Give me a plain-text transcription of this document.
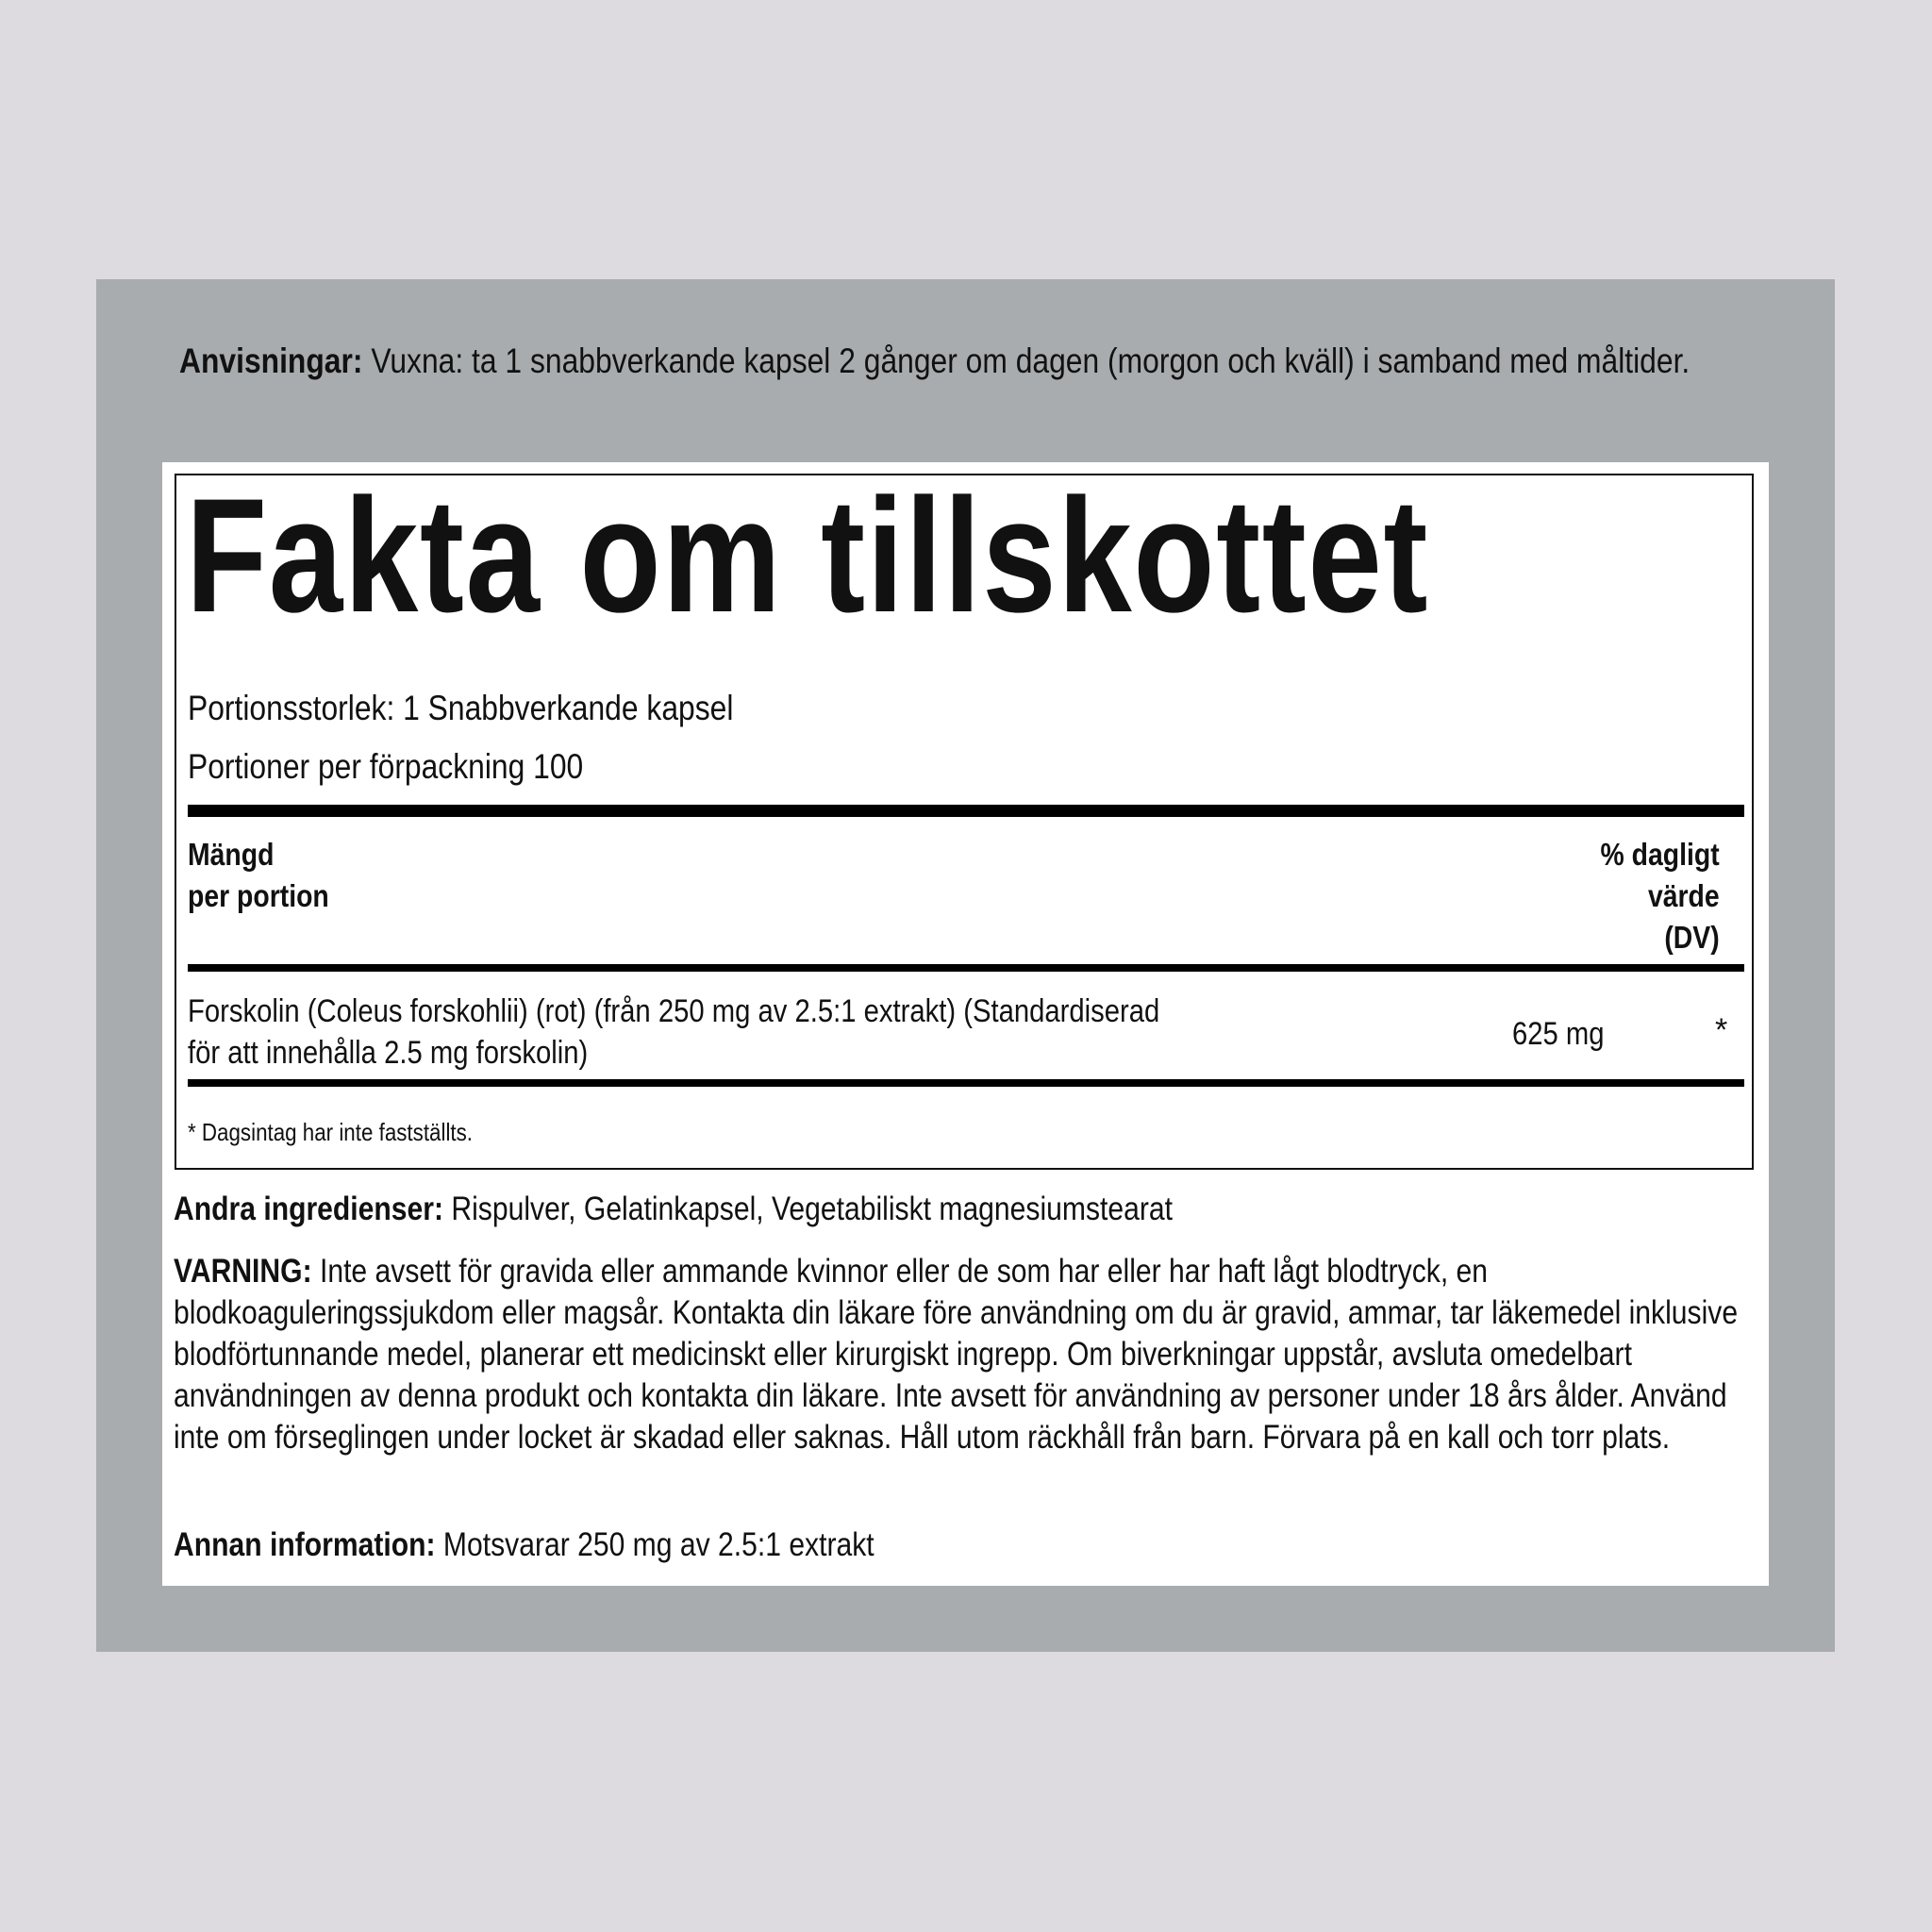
Anvisningar: Vuxna: ta 1 snabbverkande kapsel 2 gånger om dagen (morgon och kväll) i samband med måltider.
Fakta om tillskottet
Portionsstorlek: 1 Snabbverkande kapsel
Portioner per förpackning 100
Mängd
per portion
% dagligt
värde
(DV)
Forskolin (Coleus forskohlii) (rot) (från 250 mg av 2.5:1 extrakt) (Standardiserad för att innehålla 2.5 mg forskolin)
625 mg	*
* Dagsintag har inte fastställts.
Andra ingredienser: Rispulver, Gelatinkapsel, Vegetabiliskt magnesiumstearat
VARNING: Inte avsett för gravida eller ammande kvinnor eller de som har eller har haft lågt blodtryck, en blodkoaguleringssjukdom eller magsår. Kontakta din läkare före användning om du är gravid, ammar, tar läkemedel inklusive blodförtunnande medel, planerar ett medicinskt eller kirurgiskt ingrepp. Om biverkningar uppstår, avsluta omedelbart användningen av denna produkt och kontakta din läkare. Inte avsett för användning av personer under 18 års ålder. Använd inte om förseglingen under locket är skadad eller saknas. Håll utom räckhåll från barn. Förvara på en kall och torr plats.
Annan information: Motsvarar 250 mg av 2.5:1 extrakt
